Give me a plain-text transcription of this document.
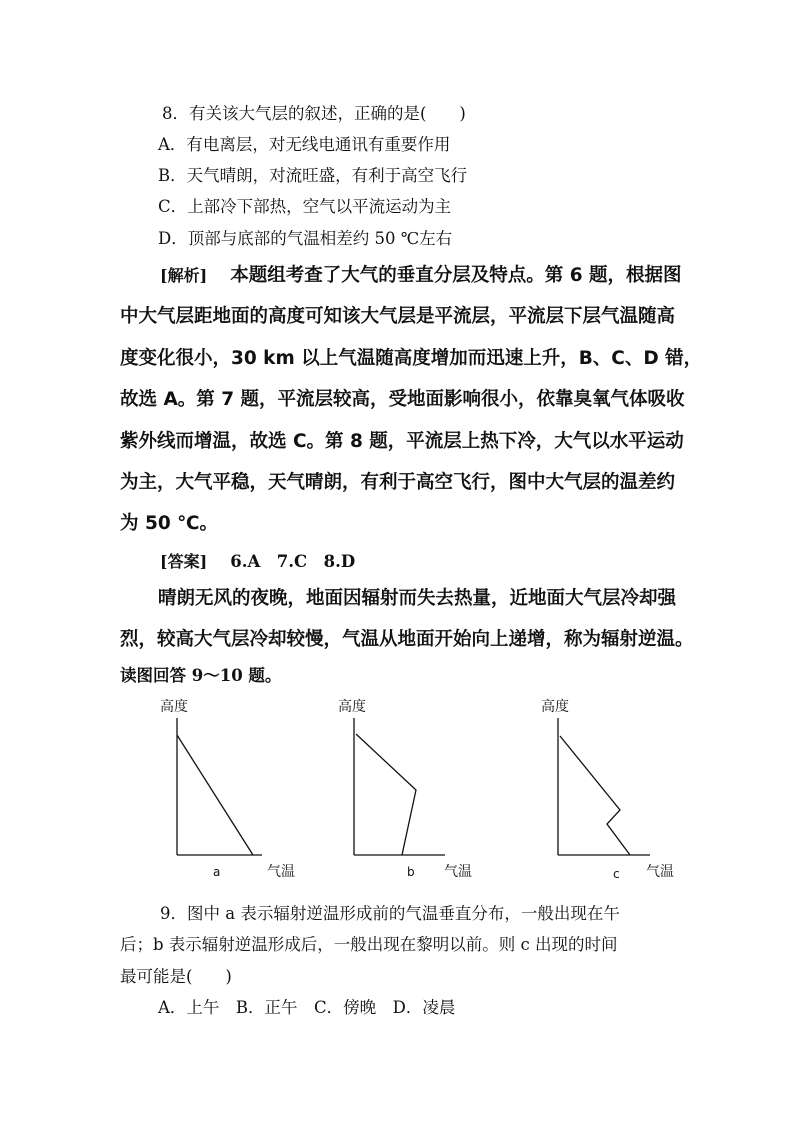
8．有关该大气层的叙述，正确的是(　　)
A．有电离层，对无线电通讯有重要作用
B．天气晴朗，对流旺盛，有利于高空飞行
C．上部冷下部热，空气以平流运动为主
D．顶部与底部的气温相差约 50 ℃左右
[解析] 本题组考查了大气的垂直分层及特点。第 6 题，根据图
中大气层距地面的高度可知该大气层是平流层，平流层下层气温随高
度变化很小，30 km 以上气温随高度增加而迅速上升，B、C、D 错，
故选 A。第 7 题，平流层较高，受地面影响很小，依靠臭氧气体吸收
紫外线而增温，故选 C。第 8 题，平流层上热下冷，大气以水平运动
为主，大气平稳，天气晴朗，有利于高空飞行，图中大气层的温差约
为 50 ℃。
[答案] 6.A　7.C　8.D
晴朗无风的夜晚，地面因辐射而失去热量，近地面大气层冷却强
烈，较高大气层冷却较慢，气温从地面开始向上递增，称为辐射逆温。
读图回答 9～10 题。
高度
a	气温
高度
b 气温
高度
c 气温
9．图中 a 表示辐射逆温形成前的气温垂直分布，一般出现在午
后；b 表示辐射逆温形成后，一般出现在黎明以前。则 c 出现的时间
最可能是(　　)
A．上午　B．正午　C．傍晚　D．凌晨
